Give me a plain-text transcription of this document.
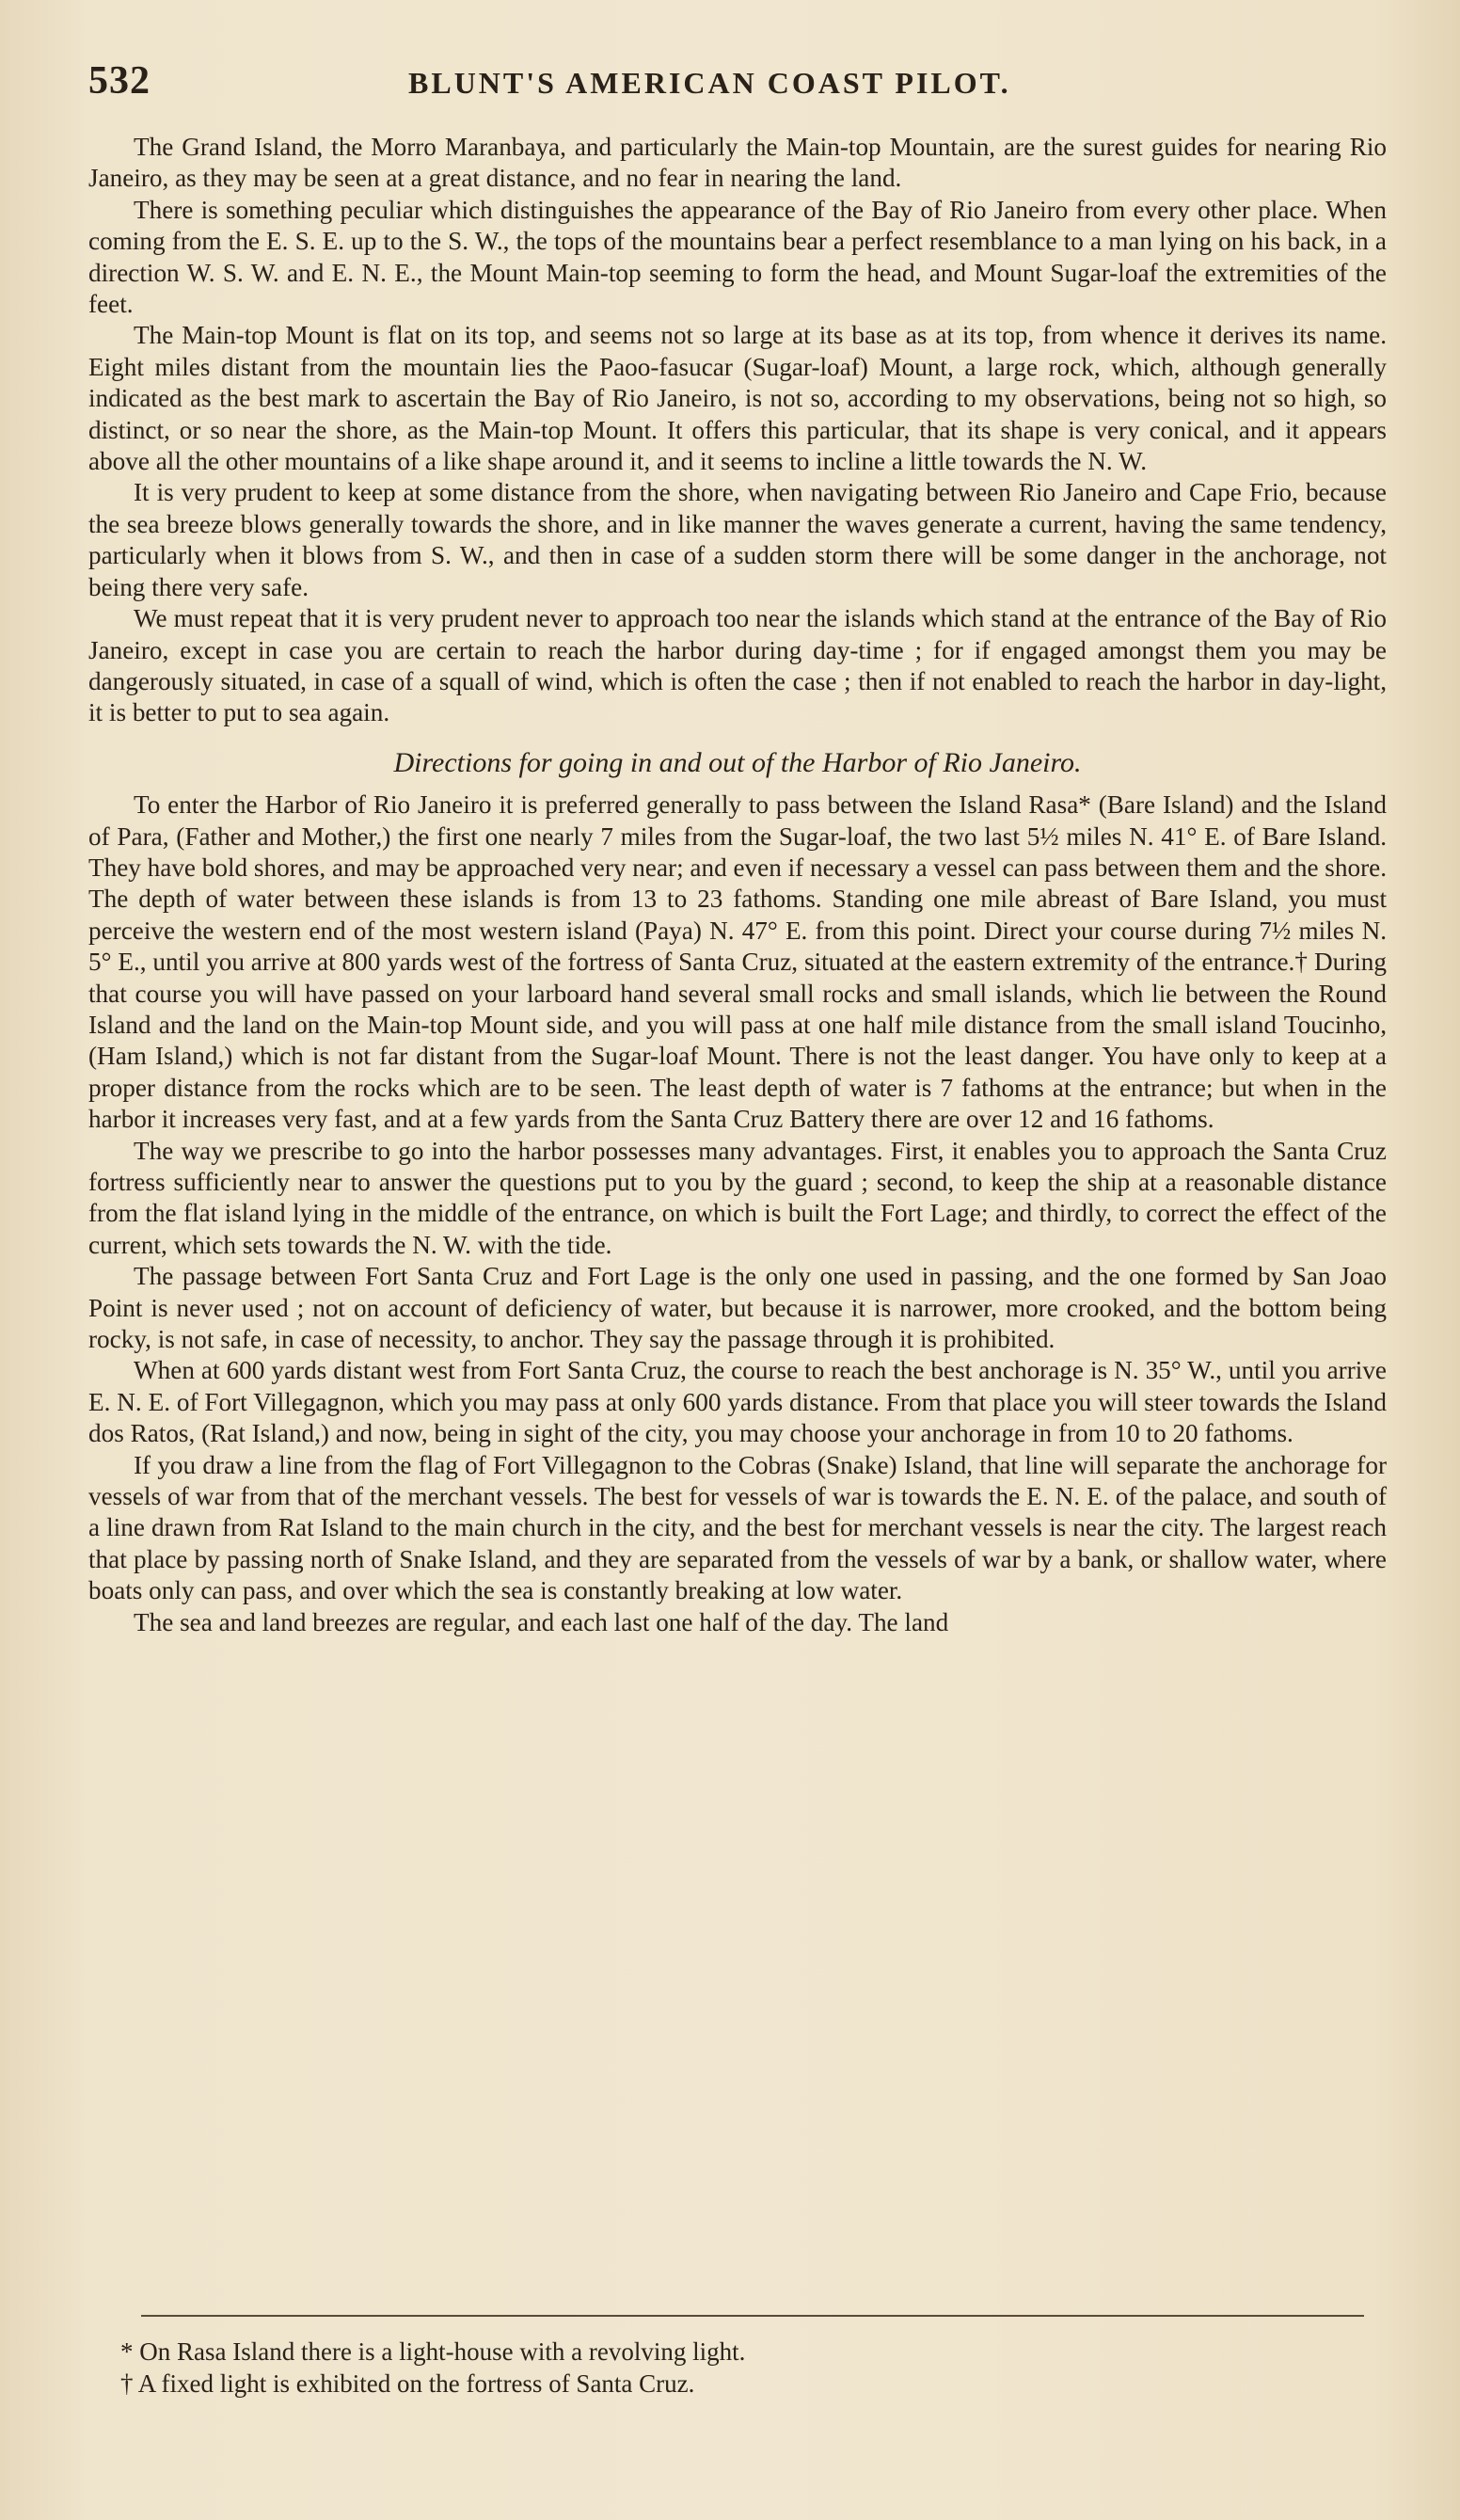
532	BLUNT'S AMERICAN COAST PILOT.

The Grand Island, the Morro Maranbaya, and particularly the Main-top Mountain, are the surest guides for nearing Rio Janeiro, as they may be seen at a great distance, and no fear in nearing the land.

There is something peculiar which distinguishes the appearance of the Bay of Rio Janeiro from every other place. When coming from the E. S. E. up to the S. W., the tops of the mountains bear a perfect resemblance to a man lying on his back, in a direction W. S. W. and E. N. E., the Mount Main-top seeming to form the head, and Mount Sugar-loaf the extremities of the feet.

The Main-top Mount is flat on its top, and seems not so large at its base as at its top, from whence it derives its name. Eight miles distant from the mountain lies the Paoo-fasucar (Sugar-loaf) Mount, a large rock, which, although generally indicated as the best mark to ascertain the Bay of Rio Janeiro, is not so, according to my observations, being not so high, so distinct, or so near the shore, as the Main-top Mount. It offers this particular, that its shape is very conical, and it appears above all the other mountains of a like shape around it, and it seems to incline a little towards the N. W.

It is very prudent to keep at some distance from the shore, when navigating between Rio Janeiro and Cape Frio, because the sea breeze blows generally towards the shore, and in like manner the waves generate a current, having the same tendency, particularly when it blows from S. W., and then in case of a sudden storm there will be some danger in the anchorage, not being there very safe.

We must repeat that it is very prudent never to approach too near the islands which stand at the entrance of the Bay of Rio Janeiro, except in case you are certain to reach the harbor during day-time ; for if engaged amongst them you may be dangerously situated, in case of a squall of wind, which is often the case ; then if not enabled to reach the harbor in day-light, it is better to put to sea again.

Directions for going in and out of the Harbor of Rio Janeiro.

To enter the Harbor of Rio Janeiro it is preferred generally to pass between the Island Rasa* (Bare Island) and the Island of Para, (Father and Mother,) the first one nearly 7 miles from the Sugar-loaf, the two last 5½ miles N. 41° E. of Bare Island. They have bold shores, and may be approached very near; and even if necessary a vessel can pass between them and the shore. The depth of water between these islands is from 13 to 23 fathoms. Standing one mile abreast of Bare Island, you must perceive the western end of the most western island (Paya) N. 47° E. from this point. Direct your course during 7½ miles N. 5° E., until you arrive at 800 yards west of the fortress of Santa Cruz, situated at the eastern extremity of the entrance.† During that course you will have passed on your larboard hand several small rocks and small islands, which lie between the Round Island and the land on the Main-top Mount side, and you will pass at one half mile distance from the small island Toucinho, (Ham Island,) which is not far distant from the Sugar-loaf Mount. There is not the least danger. You have only to keep at a proper distance from the rocks which are to be seen. The least depth of water is 7 fathoms at the entrance; but when in the harbor it increases very fast, and at a few yards from the Santa Cruz Battery there are over 12 and 16 fathoms.

The way we prescribe to go into the harbor possesses many advantages. First, it enables you to approach the Santa Cruz fortress sufficiently near to answer the questions put to you by the guard ; second, to keep the ship at a reasonable distance from the flat island lying in the middle of the entrance, on which is built the Fort Lage; and thirdly, to correct the effect of the current, which sets towards the N. W. with the tide.

The passage between Fort Santa Cruz and Fort Lage is the only one used in passing, and the one formed by San Joao Point is never used ; not on account of deficiency of water, but because it is narrower, more crooked, and the bottom being rocky, is not safe, in case of necessity, to anchor. They say the passage through it is prohibited.

When at 600 yards distant west from Fort Santa Cruz, the course to reach the best anchorage is N. 35° W., until you arrive E. N. E. of Fort Villegagnon, which you may pass at only 600 yards distance. From that place you will steer towards the Island dos Ratos, (Rat Island,) and now, being in sight of the city, you may choose your anchorage in from 10 to 20 fathoms.

If you draw a line from the flag of Fort Villegagnon to the Cobras (Snake) Island, that line will separate the anchorage for vessels of war from that of the merchant vessels. The best for vessels of war is towards the E. N. E. of the palace, and south of a line drawn from Rat Island to the main church in the city, and the best for merchant vessels is near the city. The largest reach that place by passing north of Snake Island, and they are separated from the vessels of war by a bank, or shallow water, where boats only can pass, and over which the sea is constantly breaking at low water.

The sea and land breezes are regular, and each last one half of the day. The land

* On Rasa Island there is a light-house with a revolving light.
† A fixed light is exhibited on the fortress of Santa Cruz.
